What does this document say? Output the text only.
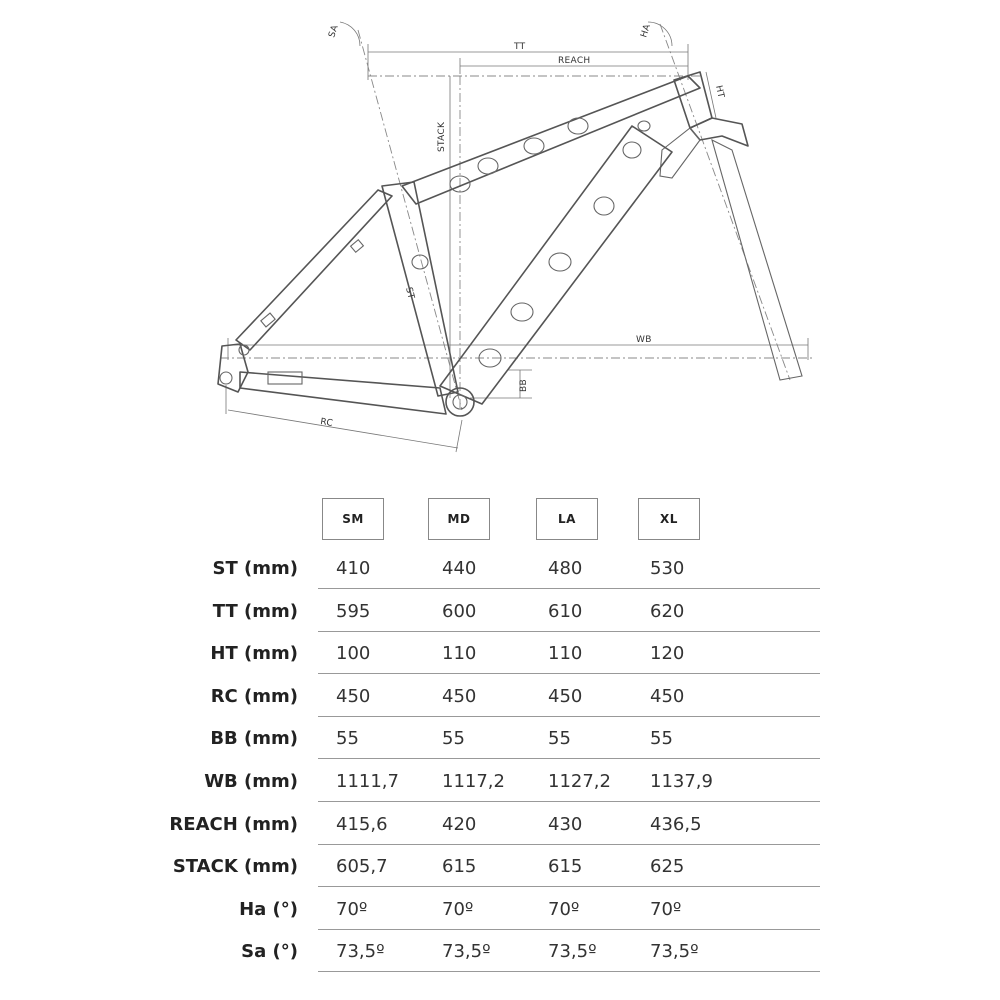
SA	HA
TT
REACH
STACK
HT
ST
WB
BB
RC
SM	MD	LA	XL
ST (mm) 410	440	480	530
TT (mm) 595	600	610	620
HT (mm) 100	110	110	120
RC (mm) 450	450	450	450
BB (mm) 55	55	55	55
WB (mm) 1111,7 1117,2 1127,2 1137,9
REACH (mm) 415,6	420	430	436,5
STACK (mm) 605,7	615	615	625
Ha (°) 70º	70º	70º	70º
Sa (°) 73,5º	73,5º	73,5º	73,5º
